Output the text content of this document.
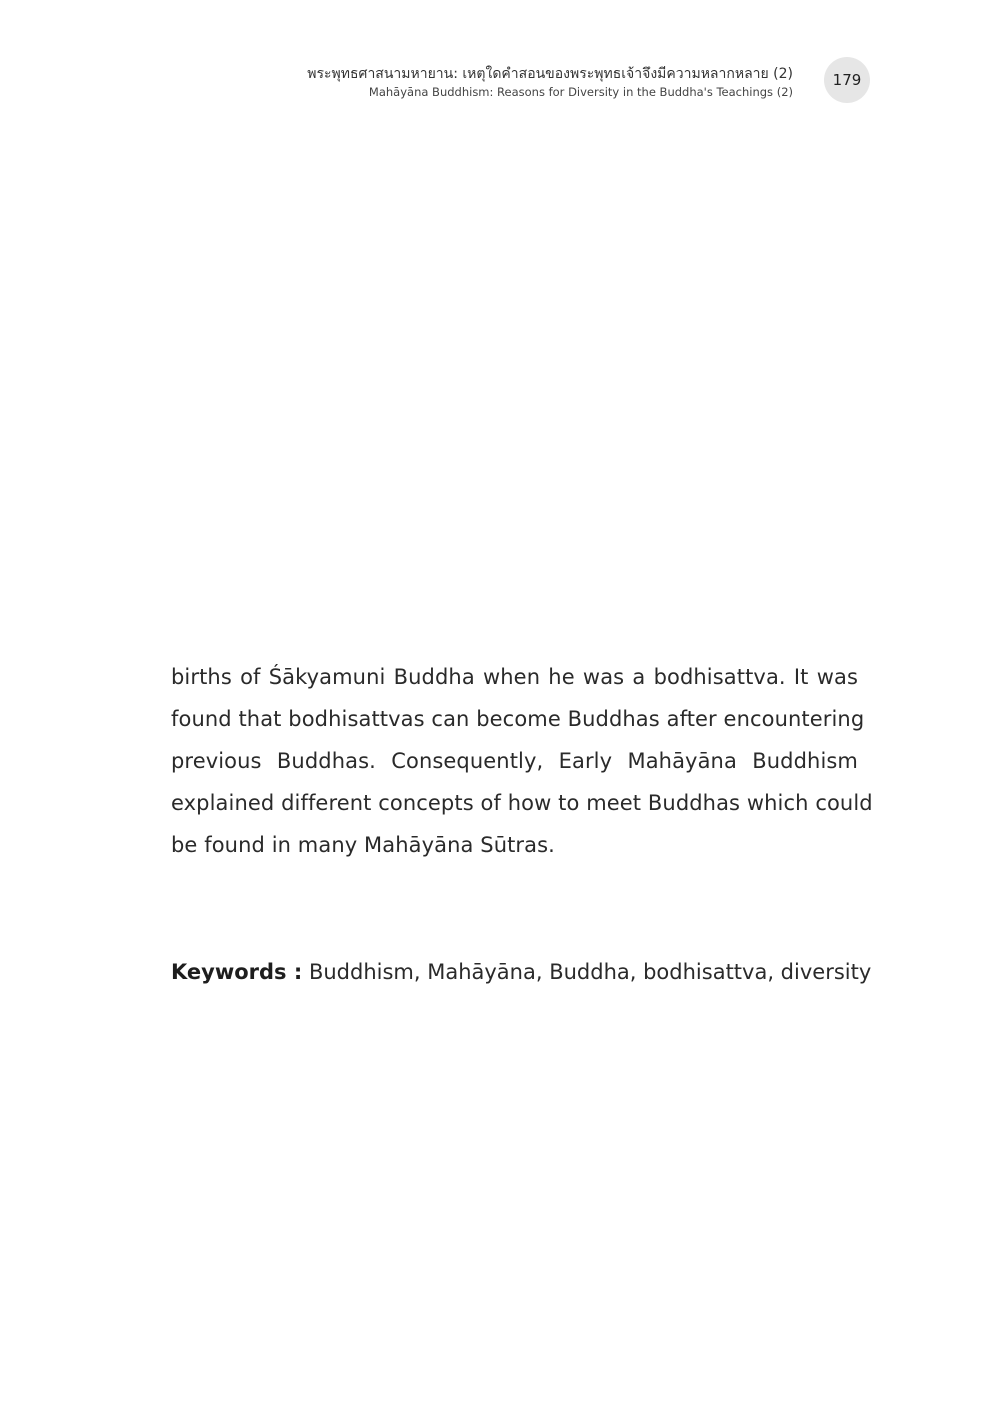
พระพุทธศาสนามหายาน: เหตุใดคำสอนของพระพุทธเจ้าจึงมีความหลากหลาย (2)
Mahāyāna Buddhism: Reasons for Diversity in the Buddha's Teachings (2)
179
births of Śākyamuni Buddha when he was a bodhisattva. It was
found that bodhisattvas can become Buddhas after encountering
previous Buddhas. Consequently, Early Mahāyāna Buddhism
explained different concepts of how to meet Buddhas which could
be found in many Mahāyāna Sūtras.
Keywords : Buddhism, Mahāyāna, Buddha, bodhisattva, diversity
